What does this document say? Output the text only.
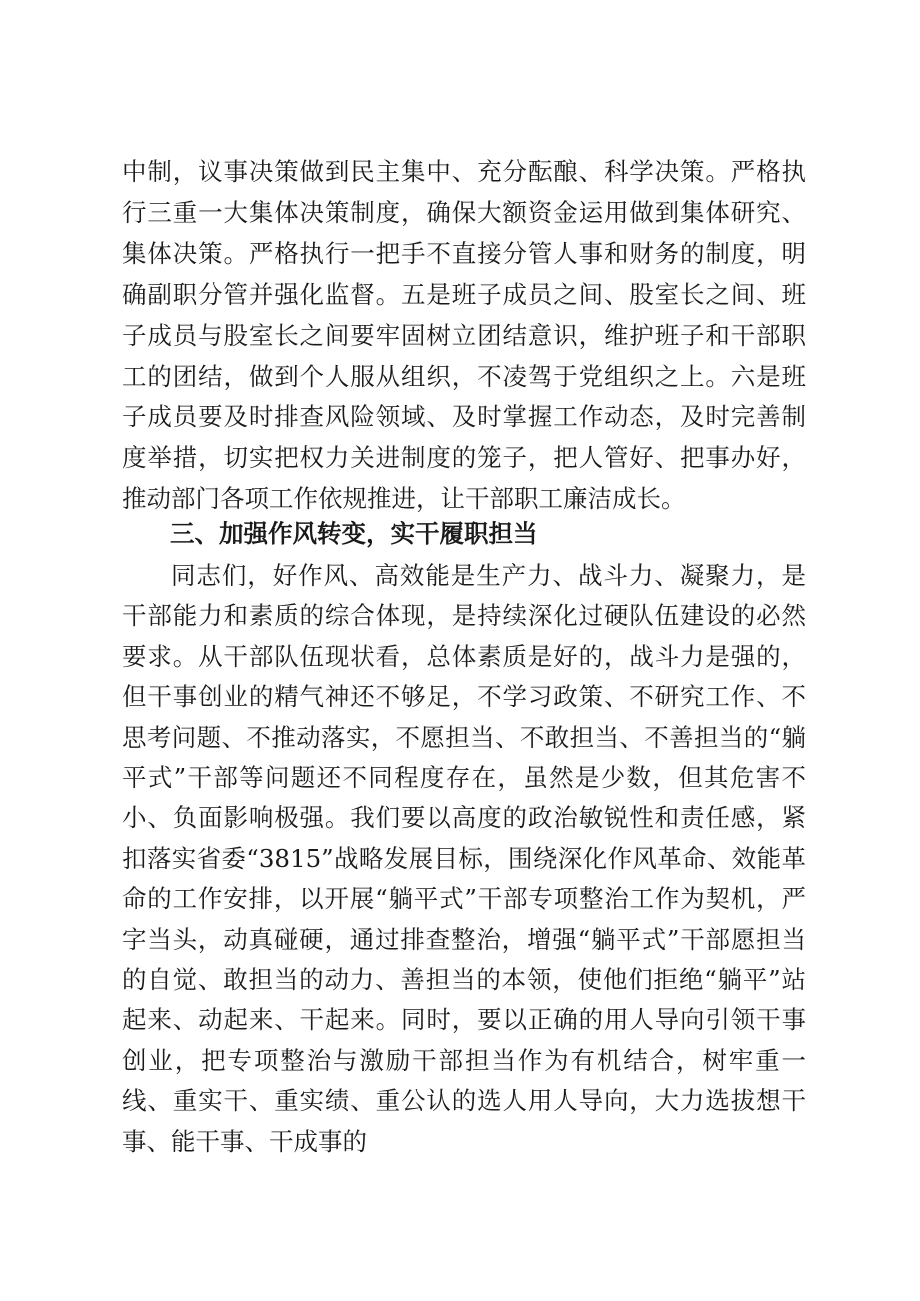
中制，议事决策做到民主集中、充分酝酿、科学决策。严格执行三重一大集体决策制度，确保大额资金运用做到集体研究、集体决策。严格执行一把手不直接分管人事和财务的制度，明确副职分管并强化监督。五是班子成员之间、股室长之间、班子成员与股室长之间要牢固树立团结意识，维护班子和干部职工的团结，做到个人服从组织，不凌驾于党组织之上。六是班子成员要及时排查风险领域、及时掌握工作动态，及时完善制度举措，切实把权力关进制度的笼子，把人管好、把事办好，推动部门各项工作依规推进，让干部职工廉洁成长。

三、加强作风转变，实干履职担当

同志们，好作风、高效能是生产力、战斗力、凝聚力，是干部能力和素质的综合体现，是持续深化过硬队伍建设的必然要求。从干部队伍现状看，总体素质是好的，战斗力是强的，但干事创业的精气神还不够足，不学习政策、不研究工作、不思考问题、不推动落实，不愿担当、不敢担当、不善担当的“躺平式”干部等问题还不同程度存在，虽然是少数，但其危害不小、负面影响极强。我们要以高度的政治敏锐性和责任感，紧扣落实省委“3815”战略发展目标，围绕深化作风革命、效能革命的工作安排，以开展“躺平式”干部专项整治工作为契机，严字当头，动真碰硬，通过排查整治，增强“躺平式”干部愿担当的自觉、敢担当的动力、善担当的本领，使他们拒绝“躺平”站起来、动起来、干起来。同时，要以正确的用人导向引领干事创业，把专项整治与激励干部担当作为有机结合，树牢重一线、重实干、重实绩、重公认的选人用人导向，大力选拔想干事、能干事、干成事的
